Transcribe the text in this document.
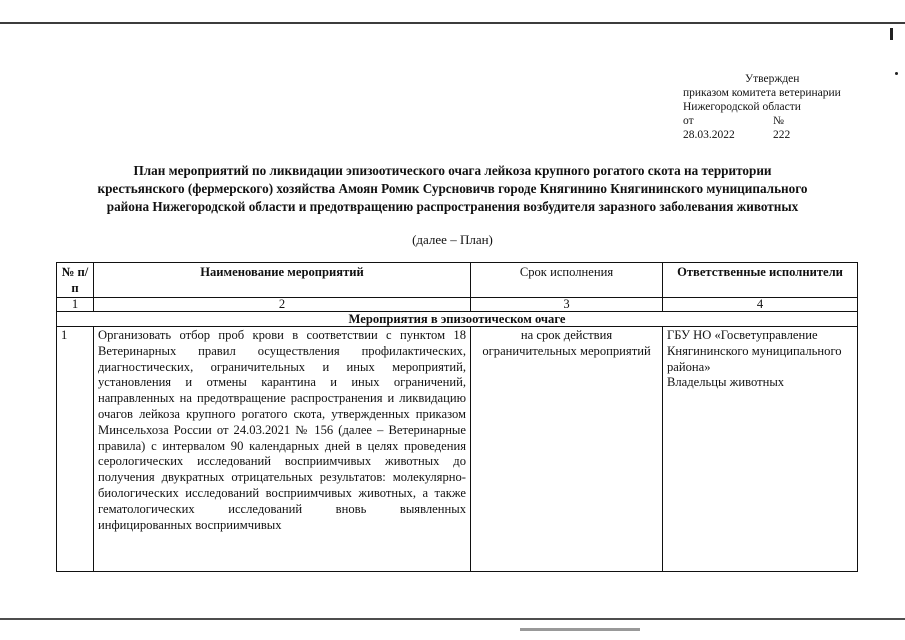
Утвержден
приказом комитета ветеринарии
Нижегородской области
от	№
28.03.2022	222
План мероприятий по ликвидации эпизоотического очага лейкоза крупного рогатого скота на территории
крестьянского (фермерского) хозяйства Амоян Ромик Сурсновичв городе Княгинино Княгининского муниципального
района Нижегородской области и предотвращению распространения возбудителя заразного заболевания животных
(далее – План)
№ п/п	Наименование мероприятий	Срок исполнения	Ответственные исполнители
1	2	3	4
Мероприятия в эпизоотическом очаге			
1	Организовать отбор проб крови в соответствии с пунктом 18 Ветеринарных правил осуществления профилактических, диагностических, ограничительных и иных мероприятий, установления и отмены карантина и иных ограничений, направленных на предотвращение распространения и ликвидацию очагов лейкоза крупного рогатого скота, утвержденных приказом Минсельхоза России от 24.03.2021 № 156 (далее – Ветеринарные правила) с интервалом 90 календарных дней в целях проведения серологических исследований восприимчивых животных до получения двукратных отрицательных результатов: молекулярно-биологических исследований восприимчивых животных, а также гематологических исследований вновь выявленных инфицированных восприимчивых	на срок действия ограничительных мероприятий	ГБУ НО «Госветуправление Княгининского муниципального района»
Владельцы животных
